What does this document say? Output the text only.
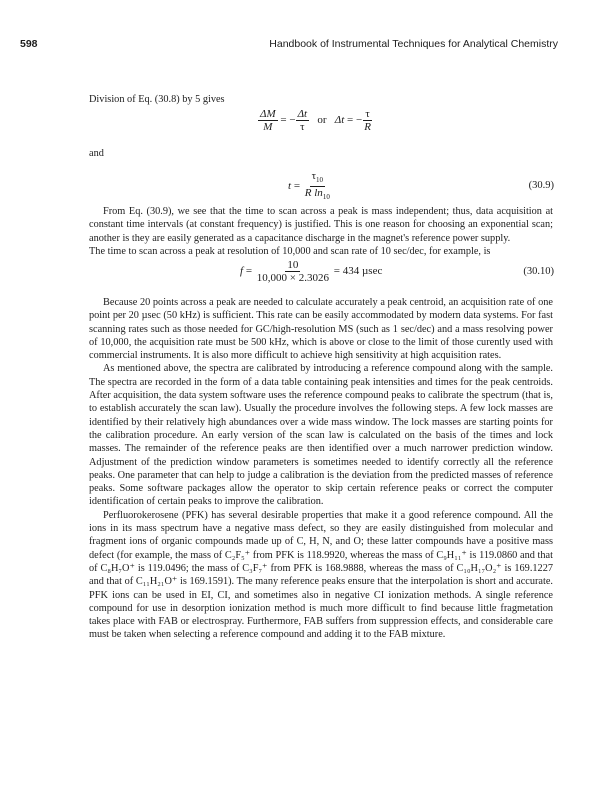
598	Handbook of Instrumental Techniques for Analytical Chemistry

Division of Eq. (30.8) by 5 gives

$\frac{\Delta M}{M}$ = − $\frac{\Delta t}{\tau}$ or Δt = − $\frac{\tau}{R}$

and

$t = \frac{\tau_{10}}{R \ln_{10}}$	(30.9)

From Eq. (30.9), we see that the time to scan across a peak is mass independent; thus, data acquisition at constant time intervals (at constant frequency) is justified. This is one reason for choosing an exponential scan; another is they are easily generated as a capacitance discharge in the magnet's reference power supply.

The time to scan across a peak at resolution of 10,000 and scan rate of 10 sec/dec, for example, is

$f = \frac{10}{10,000 \times 2.3026} = 434$ µsec	(30.10)

Because 20 points across a peak are needed to calculate accurately a peak centroid, an acquisition rate of one point per 20 µsec (50 kHz) is sufficient. This rate can be easily accommodated by modern data systems. For fast scanning rates such as those needed for GC/high-resolution MS (such as 1 sec/dec) and a mass resolving power of 10,000, the acquisition rate must be 500 kHz, which is above or close to the limit of those curently used with commercial instruments. It is also more difficult to achieve high sensitivity at high acquisition rates.

As mentioned above, the spectra are calibrated by introducing a reference compound along with the sample. The spectra are recorded in the form of a data table containing peak intensities and times for the peak centroids. After acquisition, the data system software uses the reference compound peaks to calibrate the spectrum (that is, to establish accurately the scan law). Usually the procedure involves the following steps. A few lock masses are identified by their relatively high abundances over a wide mass window. The lock masses are starting points for the calibration procedure. An early version of the scan law is calculated on the basis of the times and lock masses. The remainder of the reference peaks are then identified over a much narrower prediction window. Adjustment of the prediction window parameters is sometimes needed to identify correctly all the reference peaks. One parameter that can help to judge a calibration is the deviation from the predicted masses of reference peaks. Some software packages allow the operator to skip certain reference peaks or correct the computer identification of certain peaks to improve the calibration.

Perfluorokerosene (PFK) has several desirable properties that make it a good reference compound. All the ions in its mass spectrum have a negative mass defect, so they are easily distinguished from molecular and fragment ions of organic compounds made up of C, H, N, and O; these latter compounds have a positive mass defect (for example, the mass of C₂F₅⁺ from PFK is 118.9920, whereas the mass of C₉H₁₁⁺ is 119.0860 and that of C₈H₇O⁺ is 119.0496; the mass of C₃F₇⁺ from PFK is 168.9888, whereas the mass of C₁₀H₁₇O₂⁺ is 169.1227 and that of C₁₁H₂₁O⁺ is 169.1591). The many reference peaks ensure that the interpolation is short and accurate. PFK ions can be used in EI, CI, and sometimes also in negative CI ionization methods. A single reference compound for use in desorption ionization method is much more difficult to find because little fragmetation takes place with FAB or electrospray. Furthermore, FAB suffers from suppression effects, and considerable care must be taken when selecting a reference compound and adding it to the FAB mixture.
